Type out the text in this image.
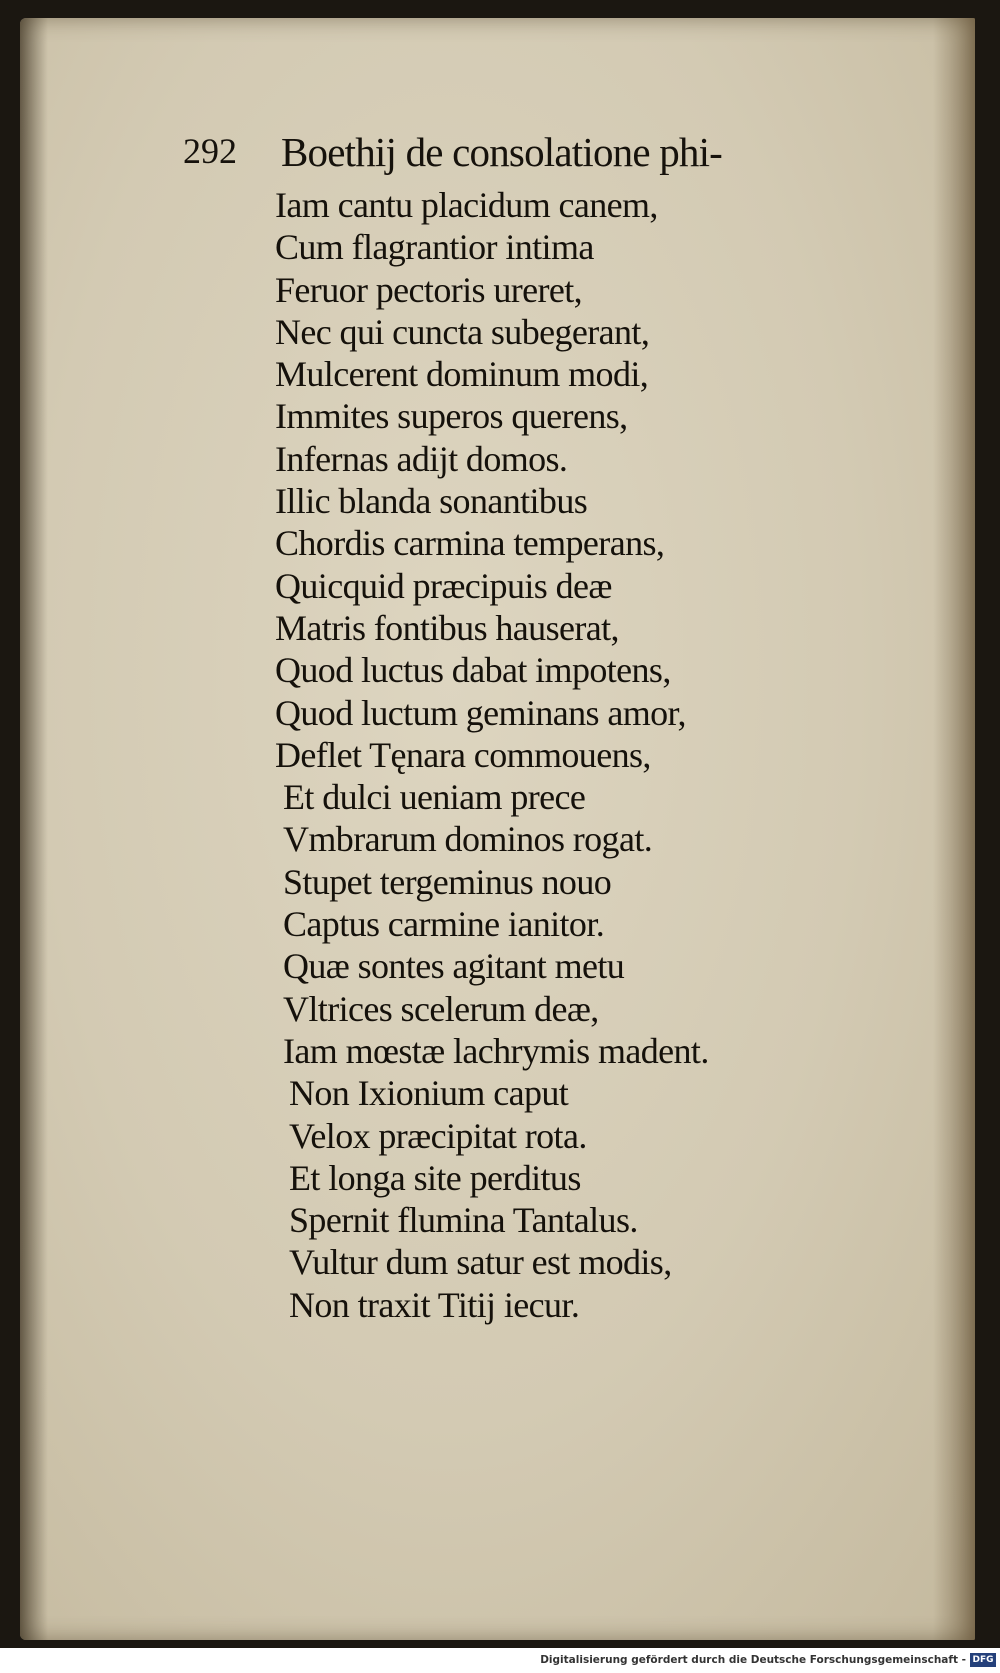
292 Boethij de consolatione phi-
Iam cantu placidum canem,
Cum flagrantior intima
Feruor pectoris ureret,
Nec qui cuncta subegerant,
Mulcerent dominum modi,
Immites superos querens,
Infernas adijt domos.
Illic blanda sonantibus
Chordis carmina temperans,
Quicquid præcipuis deæ
Matris fontibus hauserat,
Quod luctus dabat impotens,
Quod luctum geminans amor,
Deflet Tęnara commouens,
Et dulci ueniam prece
Vmbrarum dominos rogat.
Stupet tergeminus nouo
Captus carmine ianitor.
Quæ sontes agitant metu
Vltrices scelerum deæ,
Iam mœstæ lachrymis madent.
Non Ixionium caput
Velox præcipitat rota.
Et longa site perditus
Spernit flumina Tantalus.
Vultur dum satur est modis,
Non traxit Titij iecur.
Digitalisierung gefördert durch die Deutsche Forschungsgemeinschaft - DFG
